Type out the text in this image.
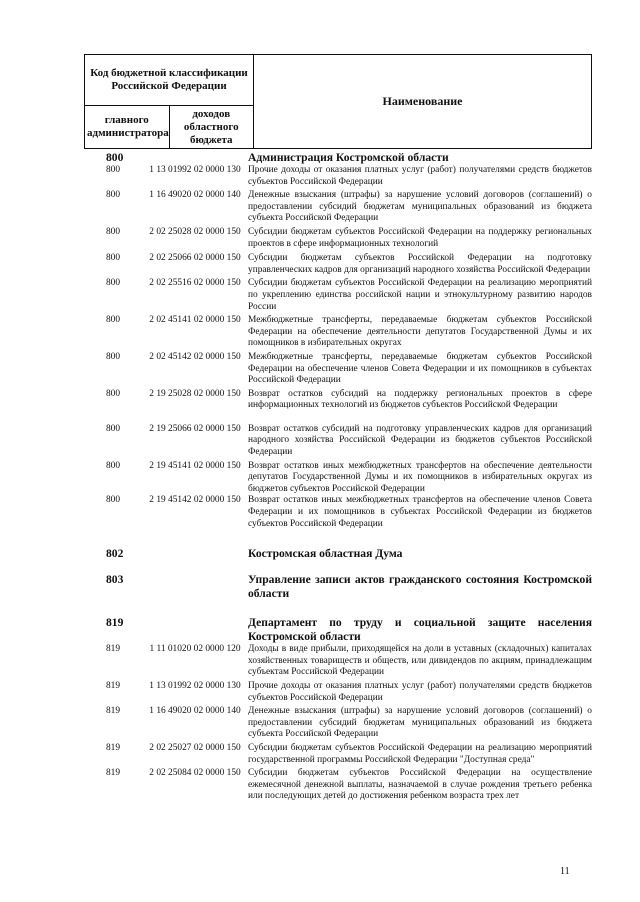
Код бюджетной классификации Российской Федерации		Наименование
главного администратора	доходов областного бюджета	
800	Администрация Костромской области
800	1 13 01992 02 0000 130 Прочие доходы от оказания платных услуг (работ) получателями средств бюджетов субъектов Российской Федерации
800	1 16 49020 02 0000 140 Денежные взыскания (штрафы) за нарушение условий договоров (соглашений) о предоставлении субсидий бюджетам муниципальных образований из бюджета субъекта Российской Федерации
800	2 02 25028 02 0000 150 Субсидии бюджетам субъектов Российской Федерации на поддержку региональных проектов в сфере информационных технологий
800	2 02 25066 02 0000 150 Субсидии бюджетам субъектов Российской Федерации на подготовку управленческих кадров для организаций народного хозяйства Российской Федерации
800	2 02 25516 02 0000 150 Субсидии бюджетам субъектов Российской Федерации на реализацию мероприятий по укреплению единства российской нации и этнокультурному развитию народов России
800	2 02 45141 02 0000 150 Межбюджетные трансферты, передаваемые бюджетам субъектов Российской Федерации на обеспечение деятельности депутатов Государственной Думы и их помощников в избирательных округах
800	2 02 45142 02 0000 150 Межбюджетные трансферты, передаваемые бюджетам субъектов Российской Федерации на обеспечение членов Совета Федерации и их помощников в субъектах Российской Федерации
800	2 19 25028 02 0000 150 Возврат остатков субсидий на поддержку региональных проектов в сфере информационных технологий из бюджетов субъектов Российской Федерации
800	2 19 25066 02 0000 150 Возврат остатков субсидий на подготовку управленческих кадров для организаций народного хозяйства Российской Федерации из бюджетов субъектов Российской Федерации
800	2 19 45141 02 0000 150 Возврат остатков иных межбюджетных трансфертов на обеспечение деятельности депутатов Государственной Думы и их помощников в избирательных округах из бюджетов субъектов Российской Федерации
800	2 19 45142 02 0000 150 Возврат остатков иных межбюджетных трансфертов на обеспечение членов Совета Федерации и их помощников в субъектах Российской Федерации из бюджетов субъектов Российской Федерации
802	Костромская областная Дума
803	Управление записи актов гражданского состояния Костромской области
819	Департамент по труду и социальной защите населения Костромской области
819	1 11 01020 02 0000 120 Доходы в виде прибыли, приходящейся на доли в уставных (складочных) капиталах хозяйственных товариществ и обществ, или дивидендов по акциям, принадлежащим субъектам Российской Федерации
819	1 13 01992 02 0000 130 Прочие доходы от оказания платных услуг (работ) получателями средств бюджетов субъектов Российской Федерации
819	1 16 49020 02 0000 140 Денежные взыскания (штрафы) за нарушение условий договоров (соглашений) о предоставлении субсидий бюджетам муниципальных образований из бюджета субъекта Российской Федерации
819	2 02 25027 02 0000 150 Субсидии бюджетам субъектов Российской Федерации на реализацию мероприятий государственной программы Российской Федерации "Доступная среда"
819	2 02 25084 02 0000 150 Субсидии бюджетам субъектов Российской Федерации на осуществление ежемесячной денежной выплаты, назначаемой в случае рождения третьего ребенка или последующих детей до достижения ребенком возраста трех лет
11
